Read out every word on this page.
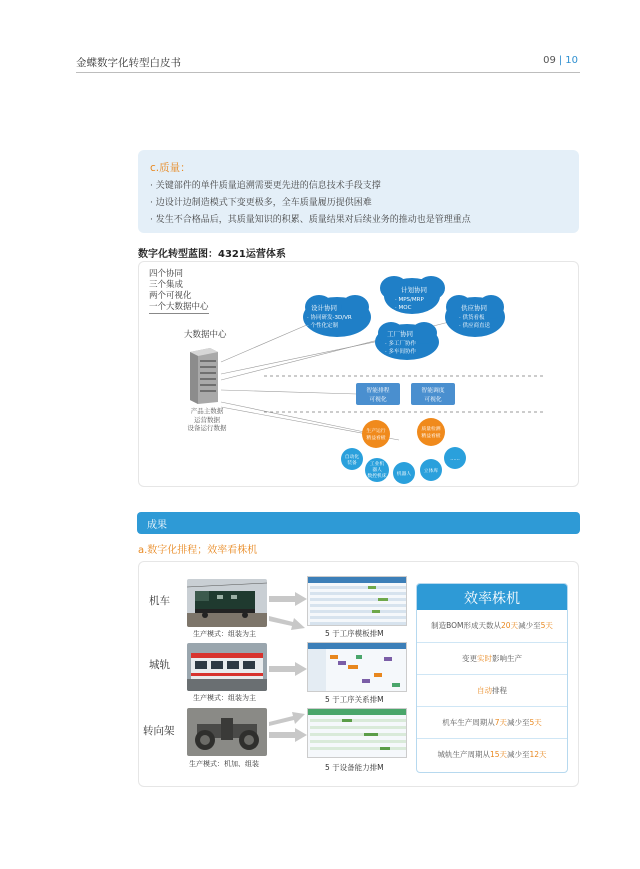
金蝶数字化转型白皮书	09 | 10
c.质量：
· 关键部件的单件质量追溯需要更先进的信息技术手段支撑
· 边设计边制造模式下变更极多，全车质量履历提供困难
· 发生不合格品后，其质量知识的积累、质量结果对后续业务的推动也是管理重点
数字化转型蓝图：4321运营体系
计划协同
· MPS/MRP
· MOC
设计协同
· 协同研发-3D/VR
· 个性化定制
供应协同
· 供货看板
· 供应商直送
工厂协同
· 多工厂协作
· 多车间协作
智能排程
可视化
智能调度
可视化
生产运行
精益看板
质量检测
精益看板
自动化
装备	工业机
器人
数控机床 机器人
立体库
……
四个协同
三个集成
两个可视化
一个大数据中心
大数据中心
产品主数据
运营数据
设备运行数据
成果
a.数字化排程；效率看株机
机车
城轨
转向架
生产模式：组装为主
生产模式：组装为主
生产模式：机加、组装
5 于工序模板排M
5 于工序关系排M
5 于设备能力排M
效率株机
制造BOM形成天数从20天减少至5天
变更实时影响生产
自动排程
机车生产周期从7天减少至5天
城轨生产周期从15天减少至12天
